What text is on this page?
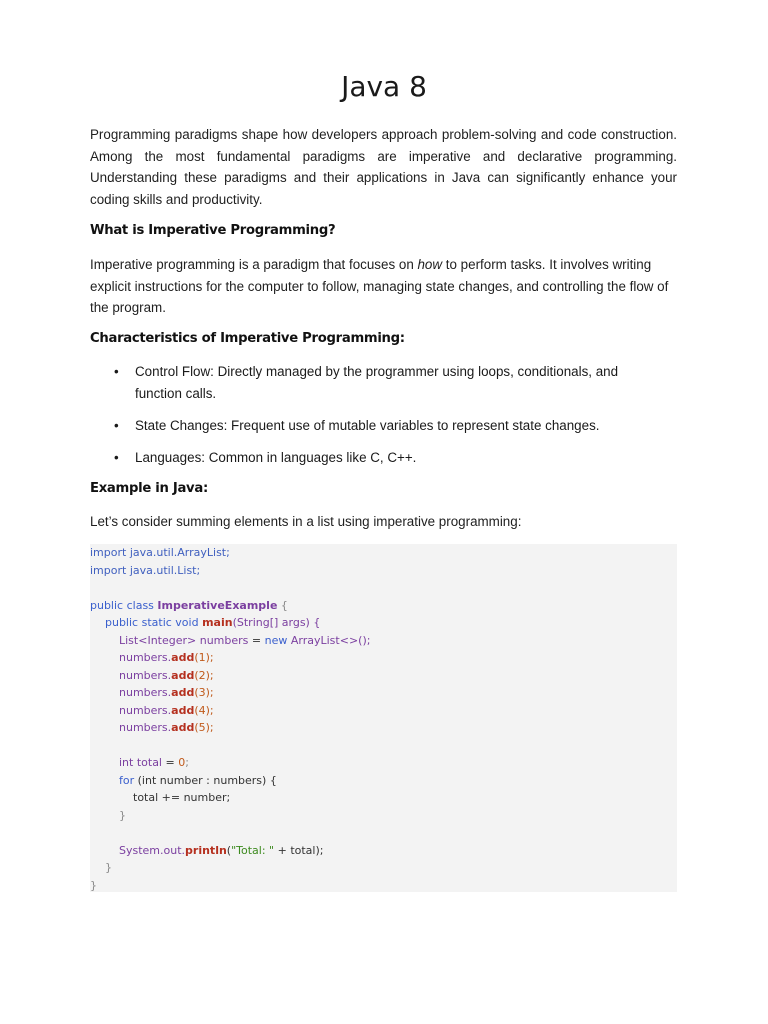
Java 8

Programming paradigms shape how developers approach problem-solving and code construction. Among the most fundamental paradigms are imperative and declarative programming. Understanding these paradigms and their applications in Java can significantly enhance your coding skills and productivity.

What is Imperative Programming?

Imperative programming is a paradigm that focuses on how to perform tasks. It involves writing explicit instructions for the computer to follow, managing state changes, and controlling the flow of the program.

Characteristics of Imperative Programming:
• Control Flow: Directly managed by the programmer using loops, conditionals, and function calls.
• State Changes: Frequent use of mutable variables to represent state changes.
• Languages: Common in languages like C, C++.
Example in Java:

Let’s consider summing elements in a list using imperative programming:

import java.util.ArrayList;
import java.util.List;
public class ImperativeExample {
public static void main(String[] args) {
List<Integer> numbers = new ArrayList<>();
numbers.add(1);
numbers.add(2);
numbers.add(3);
numbers.add(4);
numbers.add(5);
int total = 0;
for (int number : numbers) {
total += number;
}
System.out.println("Total: " + total);
}
}
